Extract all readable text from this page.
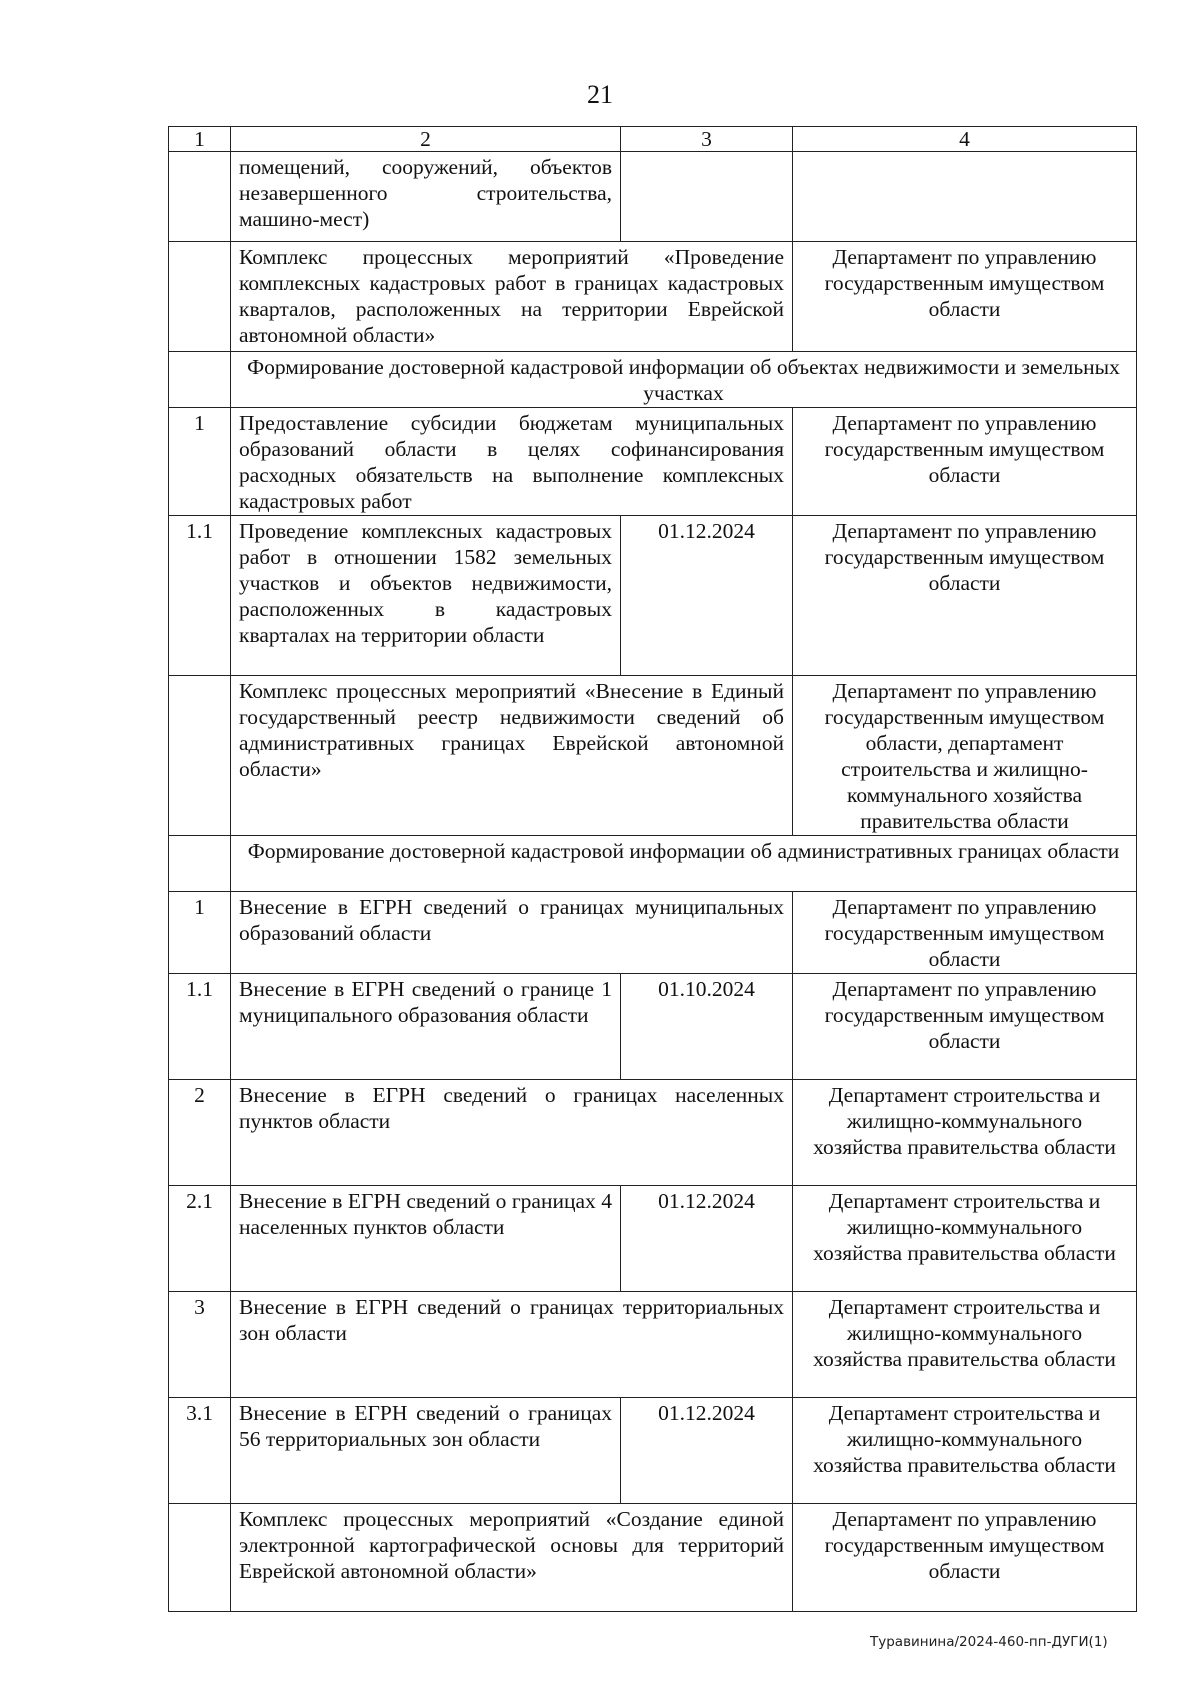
21
1	2	3	4
	помещений, сооружений, объектов незавершенного строительства, машино-мест)		
	Комплекс процессных мероприятий «Проведение комплексных кадастровых работ в границах кадастровых кварталов, расположенных на территории Еврейской автономной области»		Департамент по управлению государственным имуществом области
	Формирование достоверной кадастровой информации об объектах недвижимости и земельных участках		
1	Предоставление субсидии бюджетам муниципальных образований области в целях софинансирования расходных обязательств на выполнение комплексных кадастровых работ		Департамент по управлению государственным имуществом области
1.1	Проведение комплексных кадастровых работ в отношении 1582 земельных участков и объектов недвижимости, расположенных в кадастровых кварталах на территории области	01.12.2024	Департамент по управлению государственным имуществом области
	Комплекс процессных мероприятий «Внесение в Единый государственный реестр недвижимости сведений об административных границах Еврейской автономной области»		Департамент по управлению государственным имуществом области, департамент строительства и жилищно-коммунального хозяйства правительства области
	Формирование достоверной кадастровой информации об административных границах области		
1	Внесение в ЕГРН сведений о границах муниципальных образований области		Департамент по управлению государственным имуществом области
1.1	Внесение в ЕГРН сведений о границе 1 муниципального образования области	01.10.2024	Департамент по управлению государственным имуществом области
2	Внесение в ЕГРН сведений о границах населенных пунктов области		Департамент строительства и жилищно-коммунального хозяйства правительства области
2.1	Внесение в ЕГРН сведений о границах 4 населенных пунктов области	01.12.2024	Департамент строительства и жилищно-коммунального хозяйства правительства области
3	Внесение в ЕГРН сведений о границах территориальных зон области		Департамент строительства и жилищно-коммунального хозяйства правительства области
3.1	Внесение в ЕГРН сведений о границах 56 территориальных зон области	01.12.2024	Департамент строительства и жилищно-коммунального хозяйства правительства области
	Комплекс процессных мероприятий «Создание единой электронной картографической основы для территорий Еврейской автономной области»		Департамент по управлению государственным имуществом области
Туравинина/2024-460-пп-ДУГИ(1)
